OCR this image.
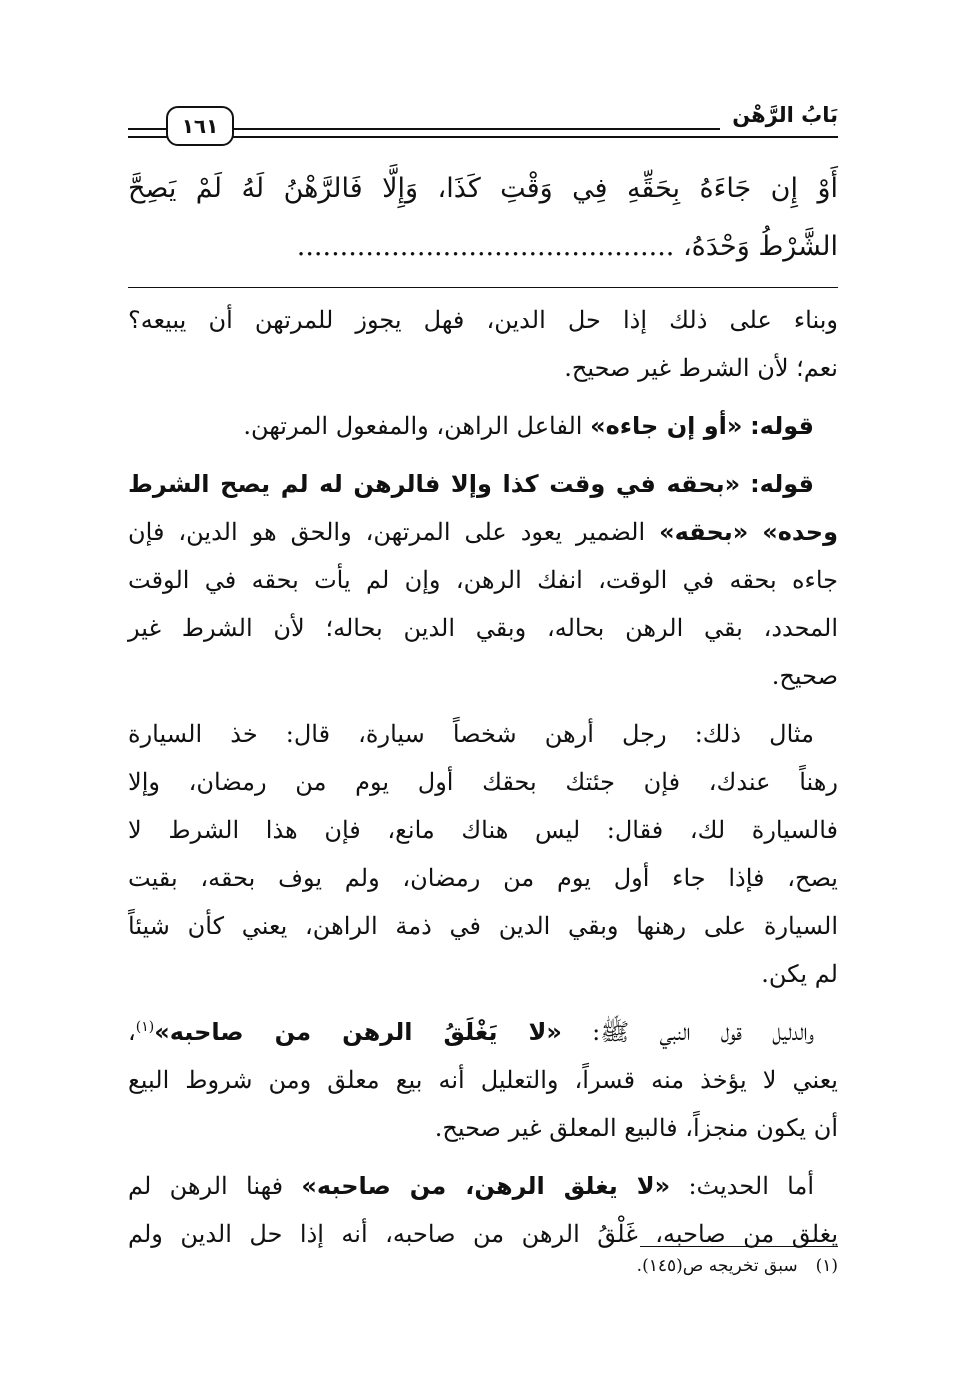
بَابُ الرَّهْن
١٦١
أَوْ إِن جَاءَهُ بِحَقِّهِ فِي وَقْتِ كَذَا، وَإِلَّا فَالرَّهْنُ لَهُ لَمْ يَصِحَّ
الشَّرْطُ وَحْدَهُ، ............................................
وبناء على ذلك إذا حل الدين، فهل يجوز للمرتهن أن يبيعه؟
نعم؛ لأن الشرط غير صحيح.
 قوله: «أو إن جاءه» الفاعل الراهن، والمفعول المرتهن.
 قوله: «بحقه في وقت كذا وإلا فالرهن له لم يصح الشرط
وحده» «بحقه» الضمير يعود على المرتهن، والحق هو الدين، فإن
جاءه بحقه في الوقت، انفك الرهن، وإن لم يأت بحقه في الوقت
المحدد، بقي الرهن بحاله، وبقي الدين بحاله؛ لأن الشرط غير
صحيح.
 مثال ذلك: رجل أرهن شخصاً سيارة، قال: خذ السيارة
رهناً عندك، فإن جئتك بحقك أول يوم من رمضان، وإلا
فالسيارة لك، فقال: ليس هناك مانع، فإن هذا الشرط لا
يصح، فإذا جاء أول يوم من رمضان، ولم يوف بحقه، بقيت
السيارة على رهنها وبقي الدين في ذمة الراهن، يعني كأن شيئاً
لم يكن.
 والدليل قول النبي ﷺ: «لا يَغْلَقُ الرهن من صاحبه»$^{(١)}$،
يعني لا يؤخذ منه قسراً، والتعليل أنه بيع معلق ومن شروط البيع
أن يكون منجزاً، فالبيع المعلق غير صحيح.
 أما الحديث: «لا يغلق الرهن، من صاحبه» فهنا الرهن لم
يغلق من صاحبه، غَلْقُ الرهن من صاحبه، أنه إذا حل الدين ولم
(١)سبق تخريجه ص(١٤٥).
